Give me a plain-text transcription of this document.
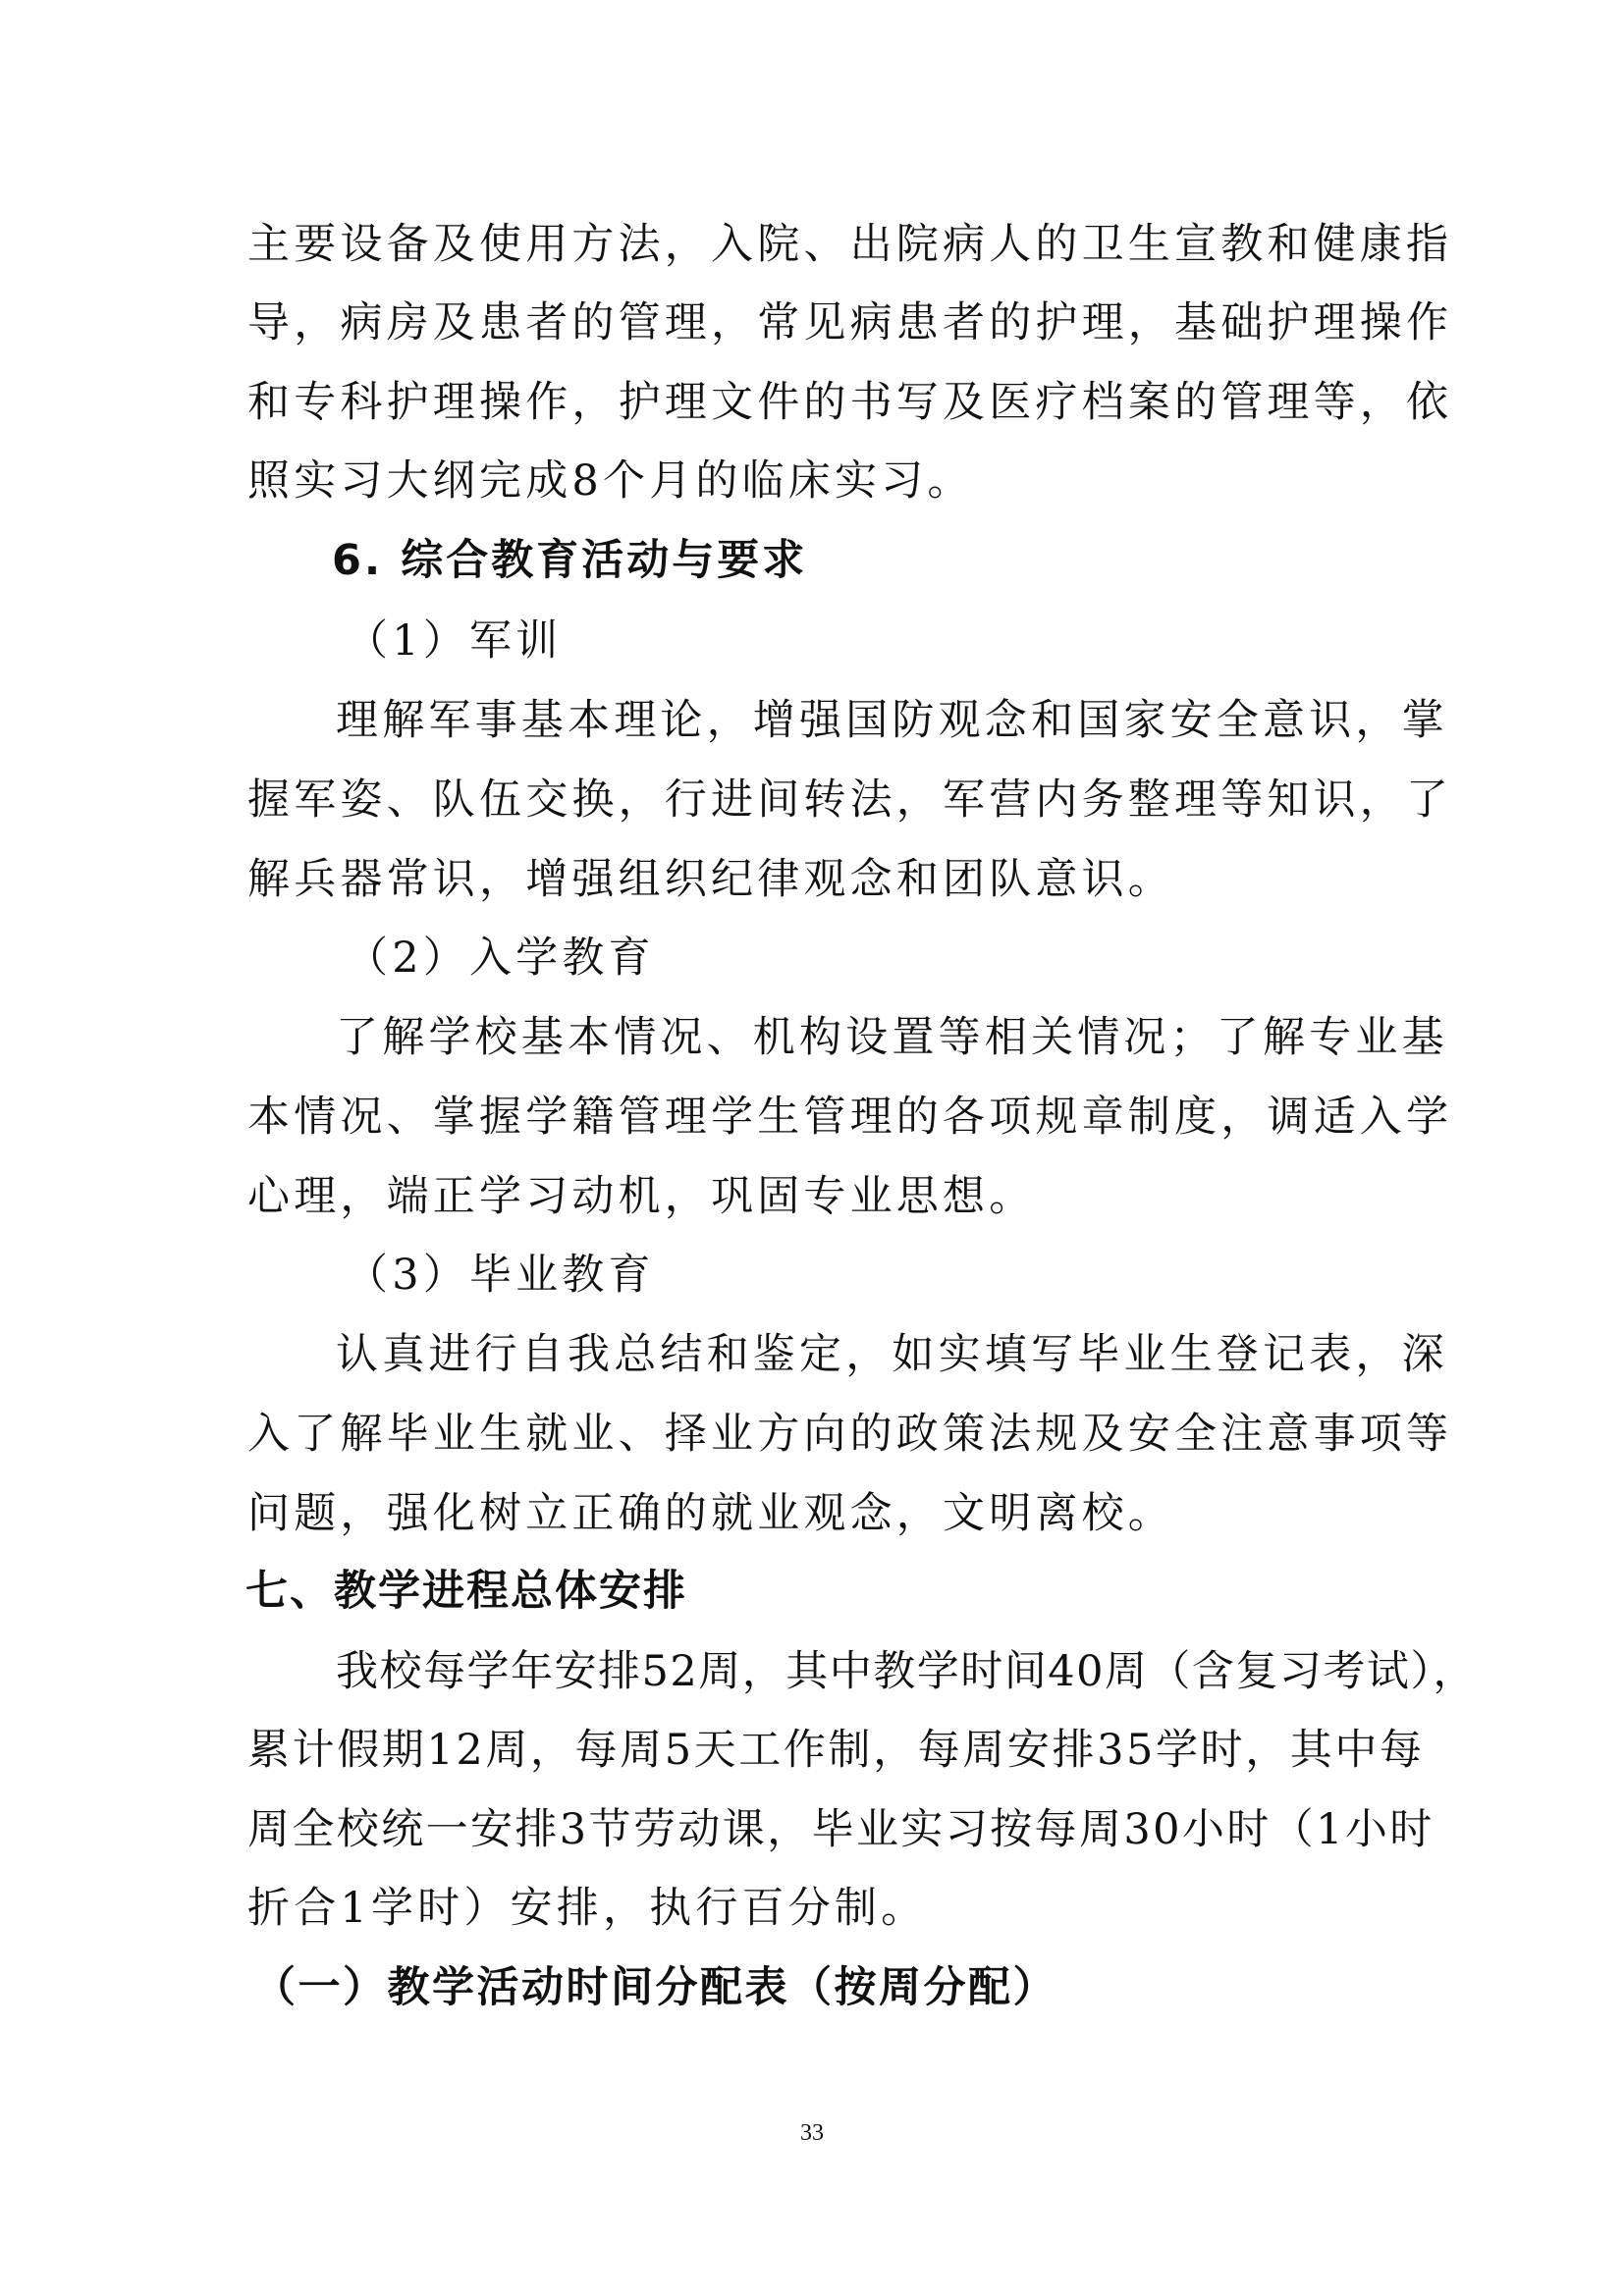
主要设备及使用方法，入院、出院病人的卫生宣教和健康指
导，病房及患者的管理，常见病患者的护理，基础护理操作
和专科护理操作，护理文件的书写及医疗档案的管理等，依
照实习大纲完成8个月的临床实习。
6. 综合教育活动与要求
（1）军训
理解军事基本理论，增强国防观念和国家安全意识，掌
握军姿、队伍交换，行进间转法，军营内务整理等知识，了
解兵器常识，增强组织纪律观念和团队意识。
（2）入学教育
了解学校基本情况、机构设置等相关情况；了解专业基
本情况、掌握学籍管理学生管理的各项规章制度，调适入学
心理，端正学习动机，巩固专业思想。
（3）毕业教育
认真进行自我总结和鉴定，如实填写毕业生登记表，深
入了解毕业生就业、择业方向的政策法规及安全注意事项等
问题，强化树立正确的就业观念，文明离校。
七、教学进程总体安排
我校每学年安排52周，其中教学时间40周（含复习考试），
累计假期12周，每周5天工作制，每周安排35学时，其中每
周全校统一安排3节劳动课，毕业实习按每周30小时（1小时
折合1学时）安排，执行百分制。
（一）教学活动时间分配表（按周分配）
33
